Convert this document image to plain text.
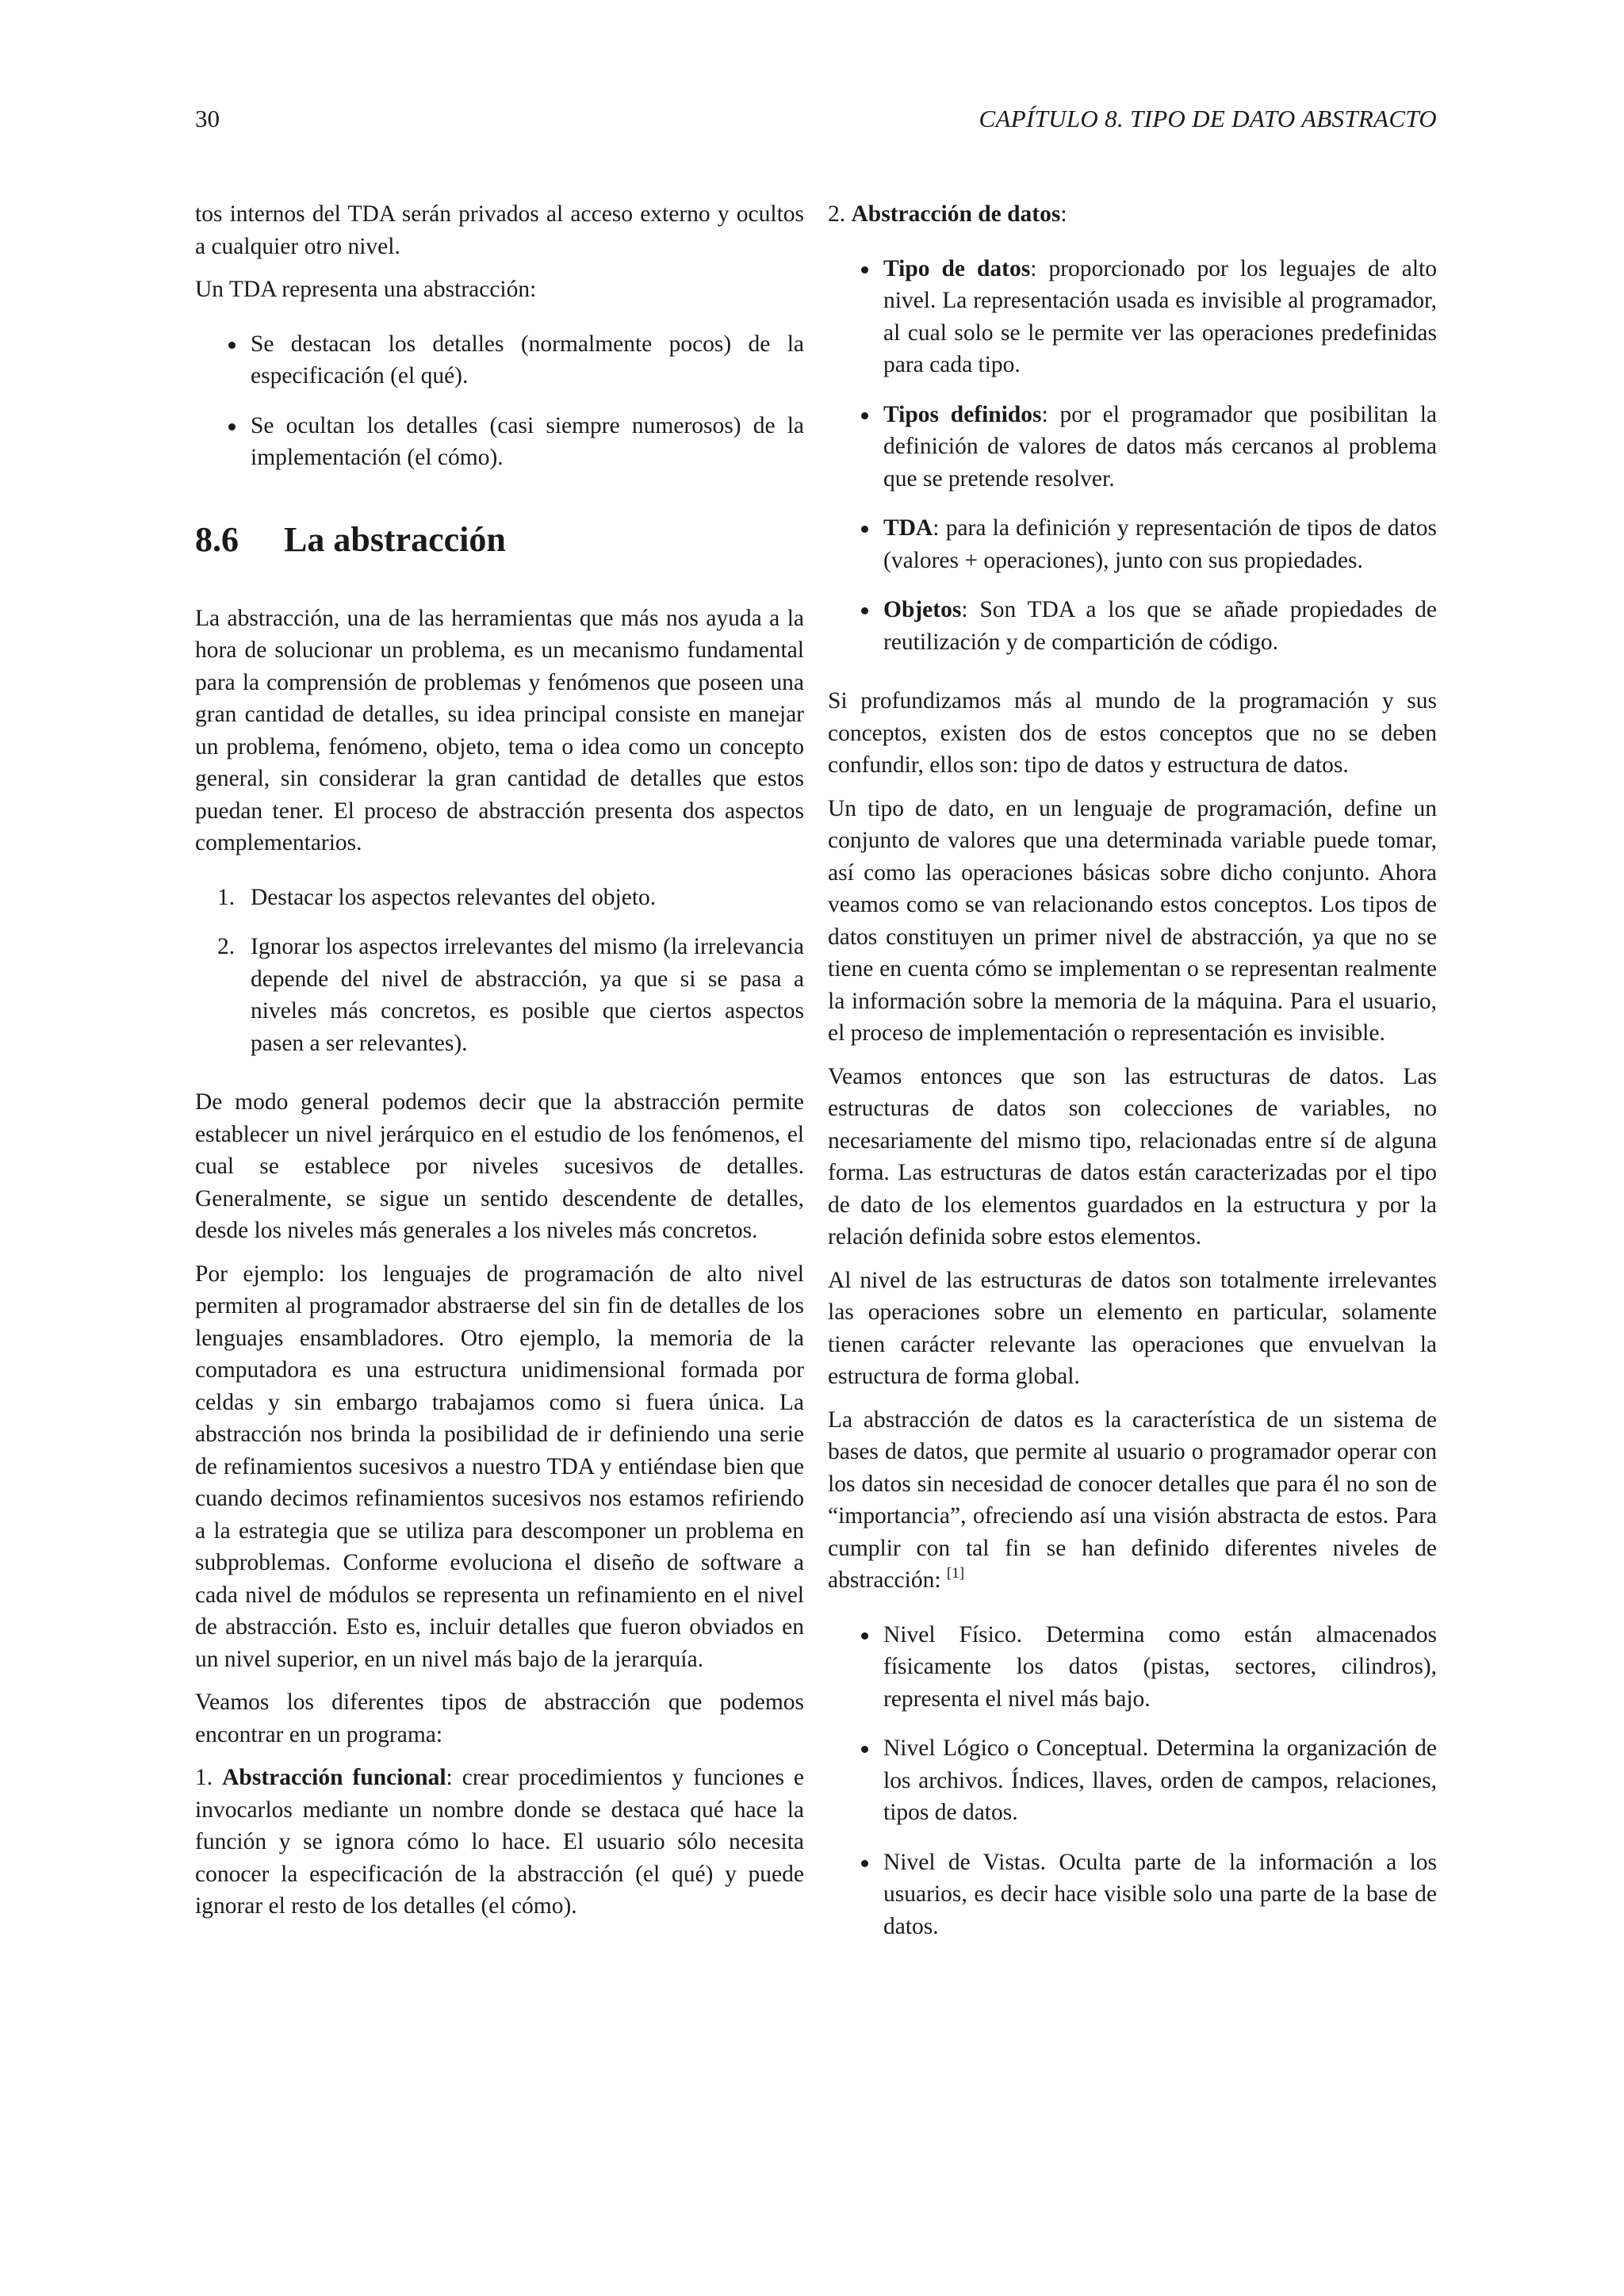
30	CAPÍTULO 8. TIPO DE DATO ABSTRACTO

tos internos del TDA serán privados al acceso externo y ocultos a cualquier otro nivel.

Un TDA representa una abstracción:

Se destacan los detalles (normalmente pocos) de la especificación (el qué).
Se ocultan los detalles (casi siempre numerosos) de la implementación (el cómo).
8.6 La abstracción

La abstracción, una de las herramientas que más nos ayuda a la hora de solucionar un problema, es un mecanismo fundamental para la comprensión de problemas y fenómenos que poseen una gran cantidad de detalles, su idea principal consiste en manejar un problema, fenómeno, objeto, tema o idea como un concepto general, sin considerar la gran cantidad de detalles que estos puedan tener. El proceso de abstracción presenta dos aspectos complementarios.

1. Destacar los aspectos relevantes del objeto.
2. Ignorar los aspectos irrelevantes del mismo (la irrelevancia depende del nivel de abstracción, ya que si se pasa a niveles más concretos, es posible que ciertos aspectos pasen a ser relevantes).

De modo general podemos decir que la abstracción permite establecer un nivel jerárquico en el estudio de los fenómenos, el cual se establece por niveles sucesivos de detalles. Generalmente, se sigue un sentido descendente de detalles, desde los niveles más generales a los niveles más concretos.

Por ejemplo: los lenguajes de programación de alto nivel permiten al programador abstraerse del sin fin de detalles de los lenguajes ensambladores. Otro ejemplo, la memoria de la computadora es una estructura unidimensional formada por celdas y sin embargo trabajamos como si fuera única. La abstracción nos brinda la posibilidad de ir definiendo una serie de refinamientos sucesivos a nuestro TDA y entiéndase bien que cuando decimos refinamientos sucesivos nos estamos refiriendo a la estrategia que se utiliza para descomponer un problema en subproblemas. Conforme evoluciona el diseño de software a cada nivel de módulos se representa un refinamiento en el nivel de abstracción. Esto es, incluir detalles que fueron obviados en un nivel superior, en un nivel más bajo de la jerarquía.

Veamos los diferentes tipos de abstracción que podemos encontrar en un programa:

1. Abstracción funcional: crear procedimientos y funciones e invocarlos mediante un nombre donde se destaca qué hace la función y se ignora cómo lo hace. El usuario sólo necesita conocer la especificación de la abstracción (el qué) y puede ignorar el resto de los detalles (el cómo).

2. Abstracción de datos:

Tipo de datos: proporcionado por los leguajes de alto nivel. La representación usada es invisible al programador, al cual solo se le permite ver las operaciones predefinidas para cada tipo.
Tipos definidos: por el programador que posibilitan la definición de valores de datos más cercanos al problema que se pretende resolver.
TDA: para la definición y representación de tipos de datos (valores + operaciones), junto con sus propiedades.
Objetos: Son TDA a los que se añade propiedades de reutilización y de compartición de código.

Si profundizamos más al mundo de la programación y sus conceptos, existen dos de estos conceptos que no se deben confundir, ellos son: tipo de datos y estructura de datos.

Un tipo de dato, en un lenguaje de programación, define un conjunto de valores que una determinada variable puede tomar, así como las operaciones básicas sobre dicho conjunto. Ahora veamos como se van relacionando estos conceptos. Los tipos de datos constituyen un primer nivel de abstracción, ya que no se tiene en cuenta cómo se implementan o se representan realmente la información sobre la memoria de la máquina. Para el usuario, el proceso de implementación o representación es invisible.

Veamos entonces que son las estructuras de datos. Las estructuras de datos son colecciones de variables, no necesariamente del mismo tipo, relacionadas entre sí de alguna forma. Las estructuras de datos están caracterizadas por el tipo de dato de los elementos guardados en la estructura y por la relación definida sobre estos elementos.

Al nivel de las estructuras de datos son totalmente irrelevantes las operaciones sobre un elemento en particular, solamente tienen carácter relevante las operaciones que envuelvan la estructura de forma global.

La abstracción de datos es la característica de un sistema de bases de datos, que permite al usuario o programador operar con los datos sin necesidad de conocer detalles que para él no son de “importancia”, ofreciendo así una visión abstracta de estos. Para cumplir con tal fin se han definido diferentes niveles de abstracción: [1]

Nivel Físico. Determina como están almacenados físicamente los datos (pistas, sectores, cilindros), representa el nivel más bajo.
Nivel Lógico o Conceptual. Determina la organización de los archivos. Índices, llaves, orden de campos, relaciones, tipos de datos.
Nivel de Vistas. Oculta parte de la información a los usuarios, es decir hace visible solo una parte de la base de datos.
